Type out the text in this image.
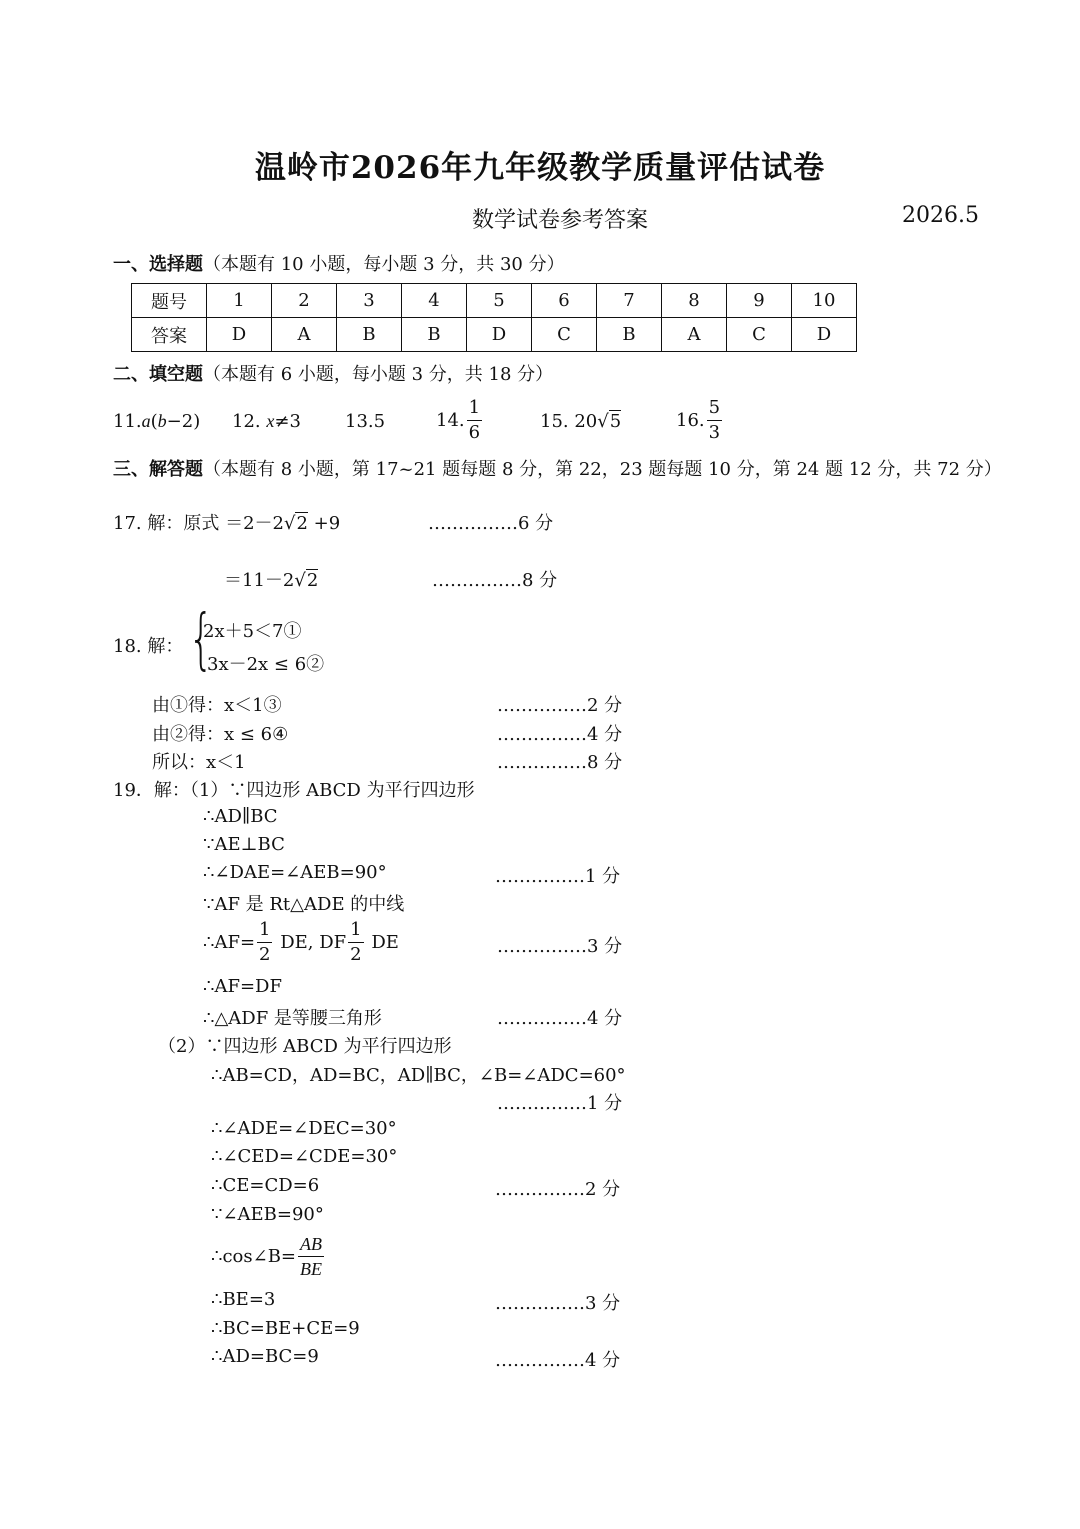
温岭市2026年九年级教学质量评估试卷
数学试卷参考答案	2026.5
一、选择题（本题有 10 小题，每小题 3 分，共 30 分）
题号	1	2	3	4	5	6	7	8	9	10
答案	D	A	B	B	D	C	B	A	C	D
二、填空题（本题有 6 小题，每小题 3 分，共 18 分）
11.a(b−2) 12. x≠3 13.5	14. $\frac{1}{6}$	15. 20√5	16. $\frac{5}{3}$
三、解答题（本题有 8 小题，第 17~21 题每题 8 分，第 22，23 题每题 10 分，第 24 题 12 分，共 72 分）
17. 解：原式 ＝2－2√2 +9	……………6 分
＝11－2√2	……………8 分
18. 解： {
2x＋5＜7①
3x－2x ≤ 6②
由①得：x＜1③	……………2 分
由②得：x ≤ 6④	……………4 分
所以：x＜1	……………8 分
19．解：（1）∵四边形 ABCD 为平行四边形
∴AD∥BC
∵AE⊥BC
∴∠DAE=∠AEB=90°	……………1 分
∵AF 是 Rt△ADE 的中线
∴AF= $\frac{1}{2}$ DE, DF $\frac{1}{2}$ DE	……………3 分
∴AF=DF
∴△ADF 是等腰三角形	……………4 分
（2）∵四边形 ABCD 为平行四边形
∴AB=CD，AD=BC，AD∥BC，∠B=∠ADC=60°
……………1 分
∴∠ADE=∠DEC=30°
∴∠CED=∠CDE=30°
∴CE=CD=6	……………2 分
∵∠AEB=90°
∴cos∠B= $\frac{AB}{BE}$
∴BE=3	……………3 分
∴BC=BE+CE=9
∴AD=BC=9	……………4 分
